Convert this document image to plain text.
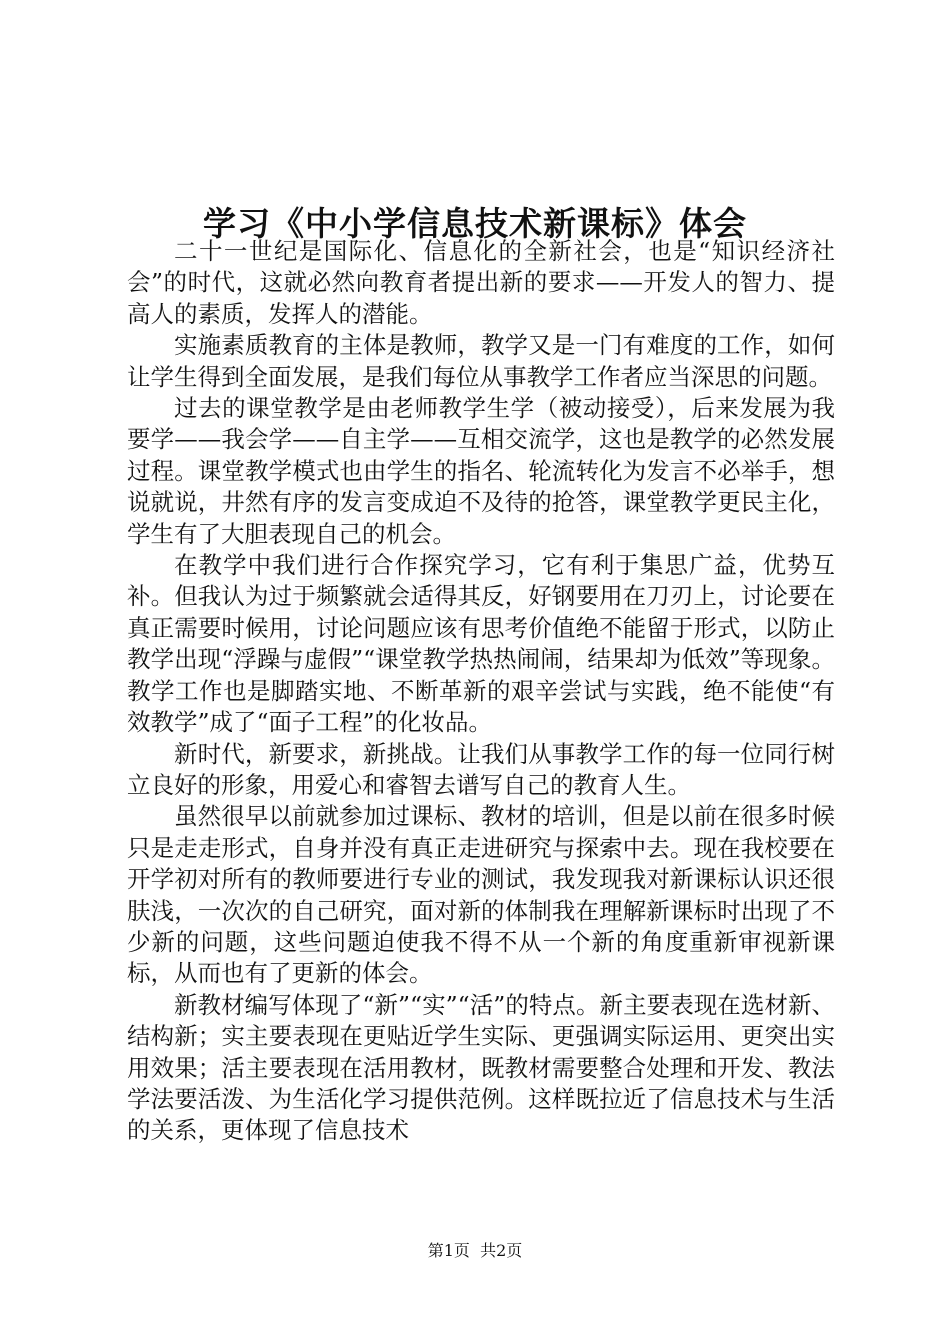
学习《中小学信息技术新课标》体会

二十一世纪是国际化、信息化的全新社会，也是“知识经济社会”的时代，这就必然向教育者提出新的要求——开发人的智力、提高人的素质，发挥人的潜能。

实施素质教育的主体是教师，教学又是一门有难度的工作，如何让学生得到全面发展，是我们每位从事教学工作者应当深思的问题。

过去的课堂教学是由老师教学生学（被动接受），后来发展为我要学——我会学——自主学——互相交流学，这也是教学的必然发展过程。课堂教学模式也由学生的指名、轮流转化为发言不必举手，想说就说，井然有序的发言变成迫不及待的抢答，课堂教学更民主化，学生有了大胆表现自己的机会。

在教学中我们进行合作探究学习，它有利于集思广益，优势互补。但我认为过于频繁就会适得其反，好钢要用在刀刃上，讨论要在真正需要时候用，讨论问题应该有思考价值绝不能留于形式，以防止教学出现“浮躁与虚假”“课堂教学热热闹闹，结果却为低效”等现象。教学工作也是脚踏实地、不断革新的艰辛尝试与实践，绝不能使“有效教学”成了“面子工程”的化妆品。

新时代，新要求，新挑战。让我们从事教学工作的每一位同行树立良好的形象，用爱心和睿智去谱写自己的教育人生。

虽然很早以前就参加过课标、教材的培训，但是以前在很多时候只是走走形式，自身并没有真正走进研究与探索中去。现在我校要在开学初对所有的教师要进行专业的测试，我发现我对新课标认识还很肤浅，一次次的自己研究，面对新的体制我在理解新课标时出现了不少新的问题，这些问题迫使我不得不从一个新的角度重新审视新课标，从而也有了更新的体会。

新教材编写体现了“新”“实”“活”的特点。新主要表现在选材新、结构新；实主要表现在更贴近学生实际、更强调实际运用、更突出实用效果；活主要表现在活用教材，既教材需要整合处理和开发、教法学法要活泼、为生活化学习提供范例。这样既拉近了信息技术与生活的关系，更体现了信息技术

第1页  共2页
